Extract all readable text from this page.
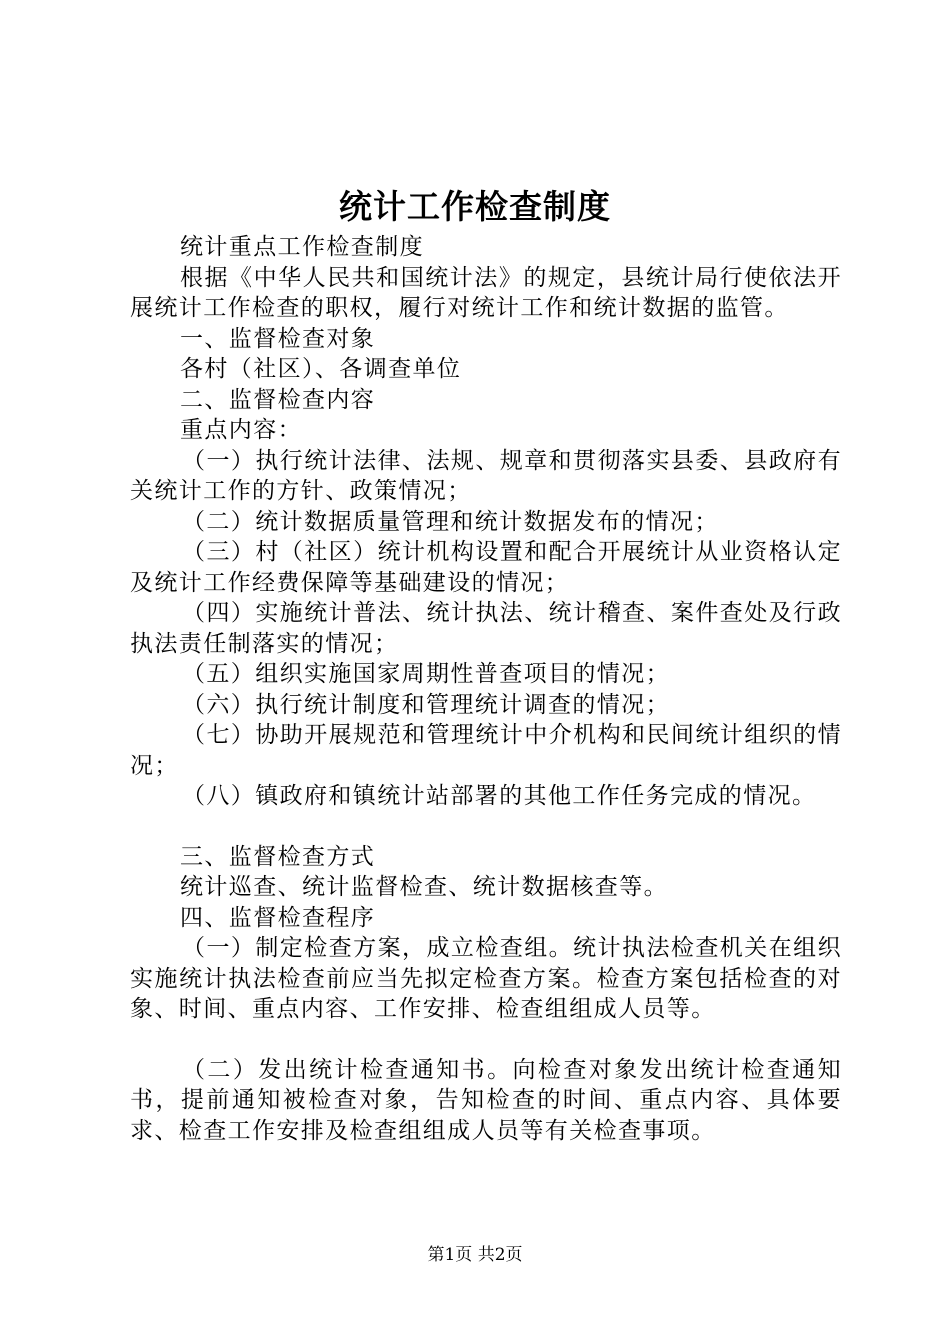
统计工作检查制度

统计重点工作检查制度

根据《中华人民共和国统计法》的规定，县统计局行使依法开展统计工作检查的职权，履行对统计工作和统计数据的监管。

一、监督检查对象

各村（社区）、各调查单位

二、监督检查内容

重点内容：

（一）执行统计法律、法规、规章和贯彻落实县委、县政府有关统计工作的方针、政策情况；

（二）统计数据质量管理和统计数据发布的情况；

（三）村（社区）统计机构设置和配合开展统计从业资格认定及统计工作经费保障等基础建设的情况；

（四）实施统计普法、统计执法、统计稽查、案件查处及行政执法责任制落实的情况；

（五）组织实施国家周期性普查项目的情况；

（六）执行统计制度和管理统计调查的情况；

（七）协助开展规范和管理统计中介机构和民间统计组织的情况；

（八）镇政府和镇统计站部署的其他工作任务完成的情况。

三、监督检查方式

统计巡查、统计监督检查、统计数据核查等。

四、监督检查程序

（一）制定检查方案，成立检查组。统计执法检查机关在组织实施统计执法检查前应当先拟定检查方案。检查方案包括检查的对象、时间、重点内容、工作安排、检查组组成人员等。

（二）发出统计检查通知书。向检查对象发出统计检查通知书，提前通知被检查对象，告知检查的时间、重点内容、具体要求、检查工作安排及检查组组成人员等有关检查事项。

第1页 共2页
